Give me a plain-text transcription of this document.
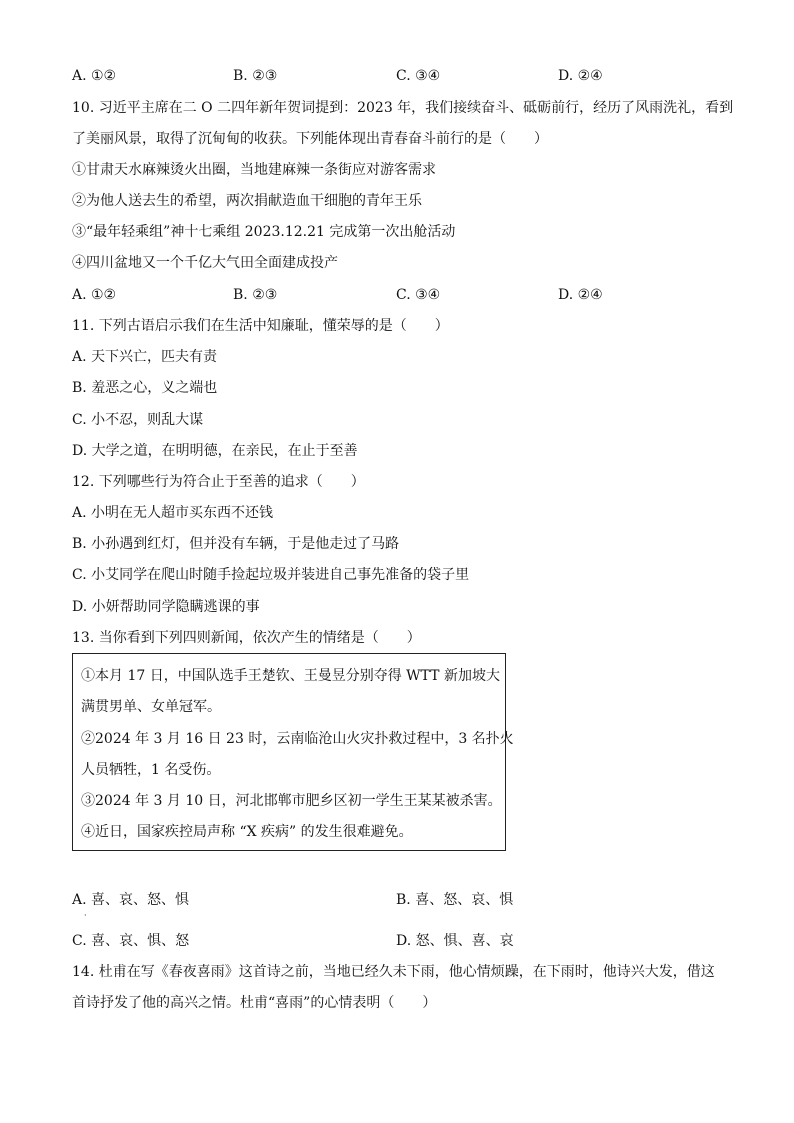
A. ①②	B. ②③	C. ③④	D. ②④
10. 习近平主席在二 O 二四年新年贺词提到：2023 年，我们接续奋斗、砥砺前行，经历了风雨洗礼，看到
了美丽风景，取得了沉甸甸的收获。下列能体现出青春奋斗前行的是（　　）
①甘肃天水麻辣烫火出圈，当地建麻辣一条街应对游客需求
②为他人送去生的希望，两次捐献造血干细胞的青年王乐
③“最年轻乘组”神十七乘组 2023.12.21 完成第一次出舱活动
④四川盆地又一个千亿大气田全面建成投产
A. ①②	B. ②③	C. ③④	D. ②④
11. 下列古语启示我们在生活中知廉耻，懂荣辱的是（　　）
A. 天下兴亡，匹夫有责
B. 羞恶之心，义之端也
C. 小不忍，则乱大谋
D. 大学之道，在明明德，在亲民，在止于至善
12. 下列哪些行为符合止于至善的追求（　　）
A. 小明在无人超市买东西不还钱
B. 小孙遇到红灯，但并没有车辆，于是他走过了马路
C. 小艾同学在爬山时随手捡起垃圾并装进自己事先准备的袋子里
D. 小妍帮助同学隐瞒逃课的事
13. 当你看到下列四则新闻，依次产生的情绪是（　　）
①本月 17 日，中国队选手王楚钦、王曼昱分别夺得 WTT 新加坡大
满贯男单、女单冠军。
②2024 年 3 月 16 日 23 时，云南临沧山火灾扑救过程中，3 名扑火
人员牺牲，1 名受伤。
③2024 年 3 月 10 日，河北邯郸市肥乡区初一学生王某某被杀害。
④近日，国家疾控局声称 “X 疾病” 的发生很难避免。
A. 喜、哀、怒、惧
·
B. 喜、怒、哀、惧
C. 喜、哀、惧、怒	D. 怒、惧、喜、哀
14. 杜甫在写《春夜喜雨》这首诗之前，当地已经久未下雨，他心情烦躁，在下雨时，他诗兴大发，借这
首诗抒发了他的高兴之情。杜甫“喜雨”的心情表明（　　）
